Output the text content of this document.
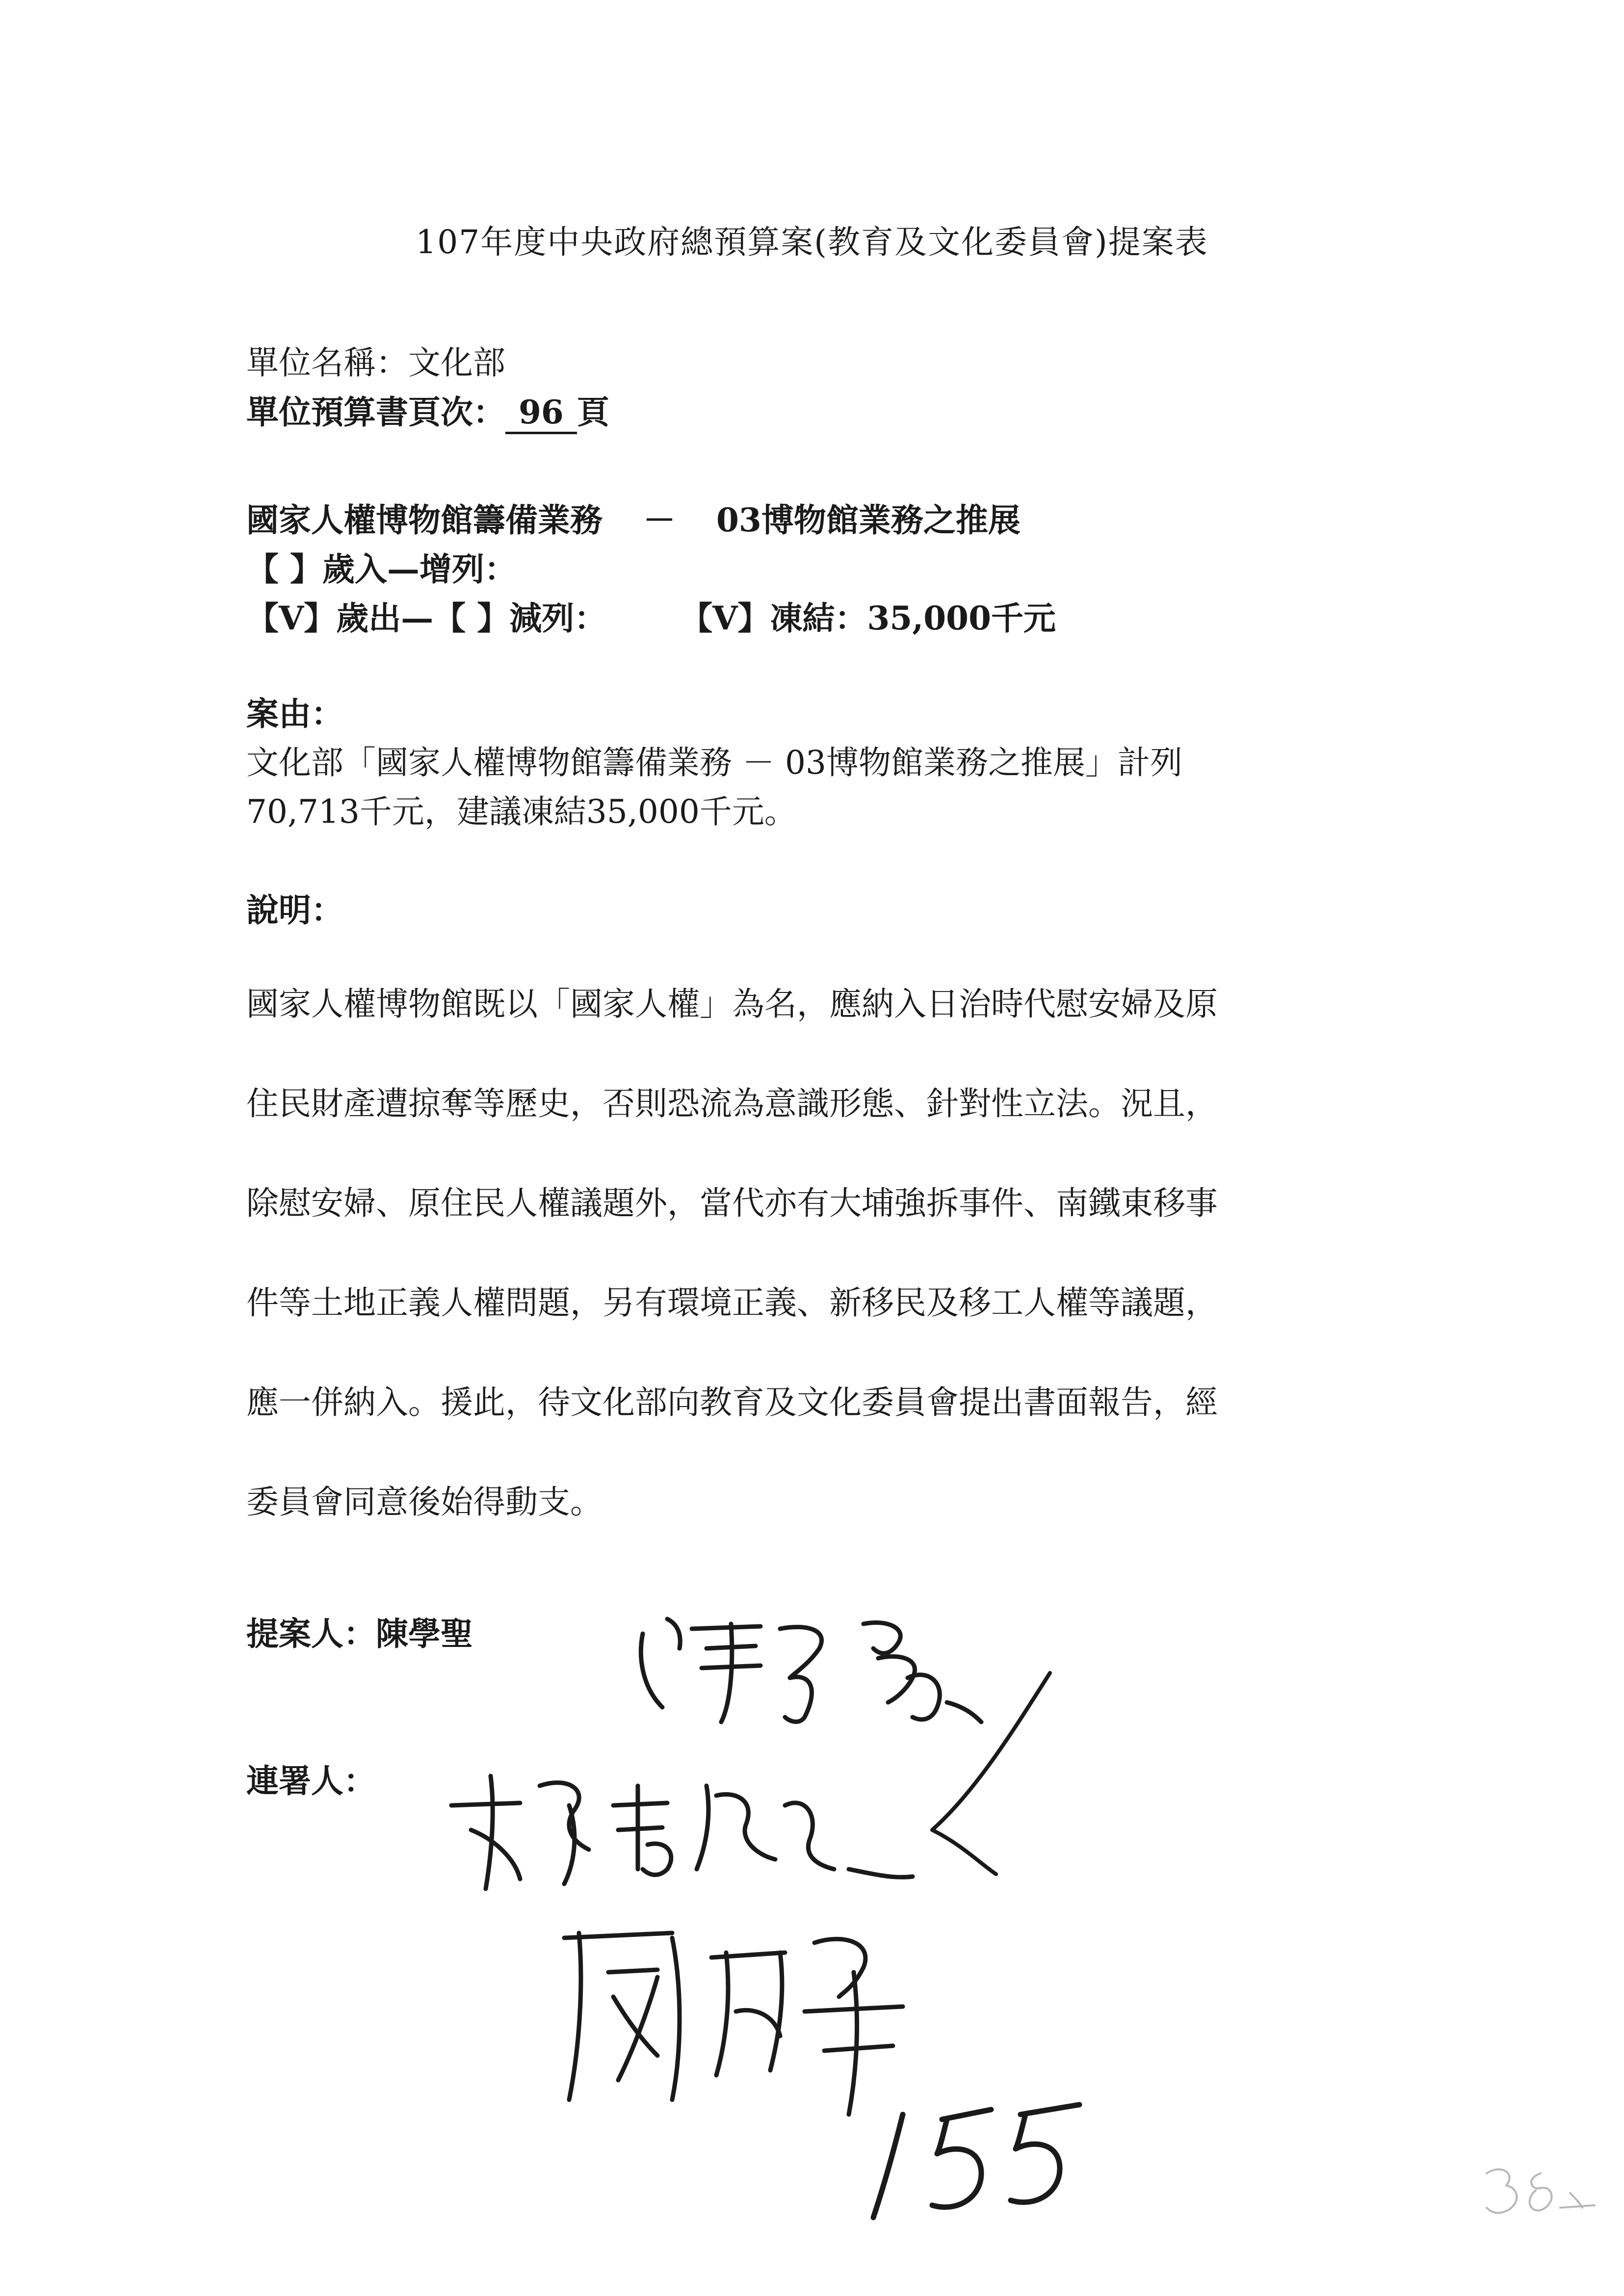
107年度中央政府總預算案(教育及文化委員會)提案表
單位名稱：文化部
單位預算書頁次： 96 頁
國家人權博物館籌備業務 － 03博物館業務之推展
【 】歲入—增列：
【V】歲出—【 】減列： 【V】凍結：35,000千元
案由：
文化部「國家人權博物館籌備業務 － 03博物館業務之推展」計列
70,713千元，建議凍結35,000千元。
說明：
國家人權博物館既以「國家人權」為名，應納入日治時代慰安婦及原
住民財產遭掠奪等歷史，否則恐流為意識形態、針對性立法。況且，
除慰安婦、原住民人權議題外，當代亦有大埔強拆事件、南鐵東移事
件等土地正義人權問題，另有環境正義、新移民及移工人權等議題，
應一併納入。援此，待文化部向教育及文化委員會提出書面報告，經
委員會同意後始得動支。
提案人：陳學聖
連署人：
